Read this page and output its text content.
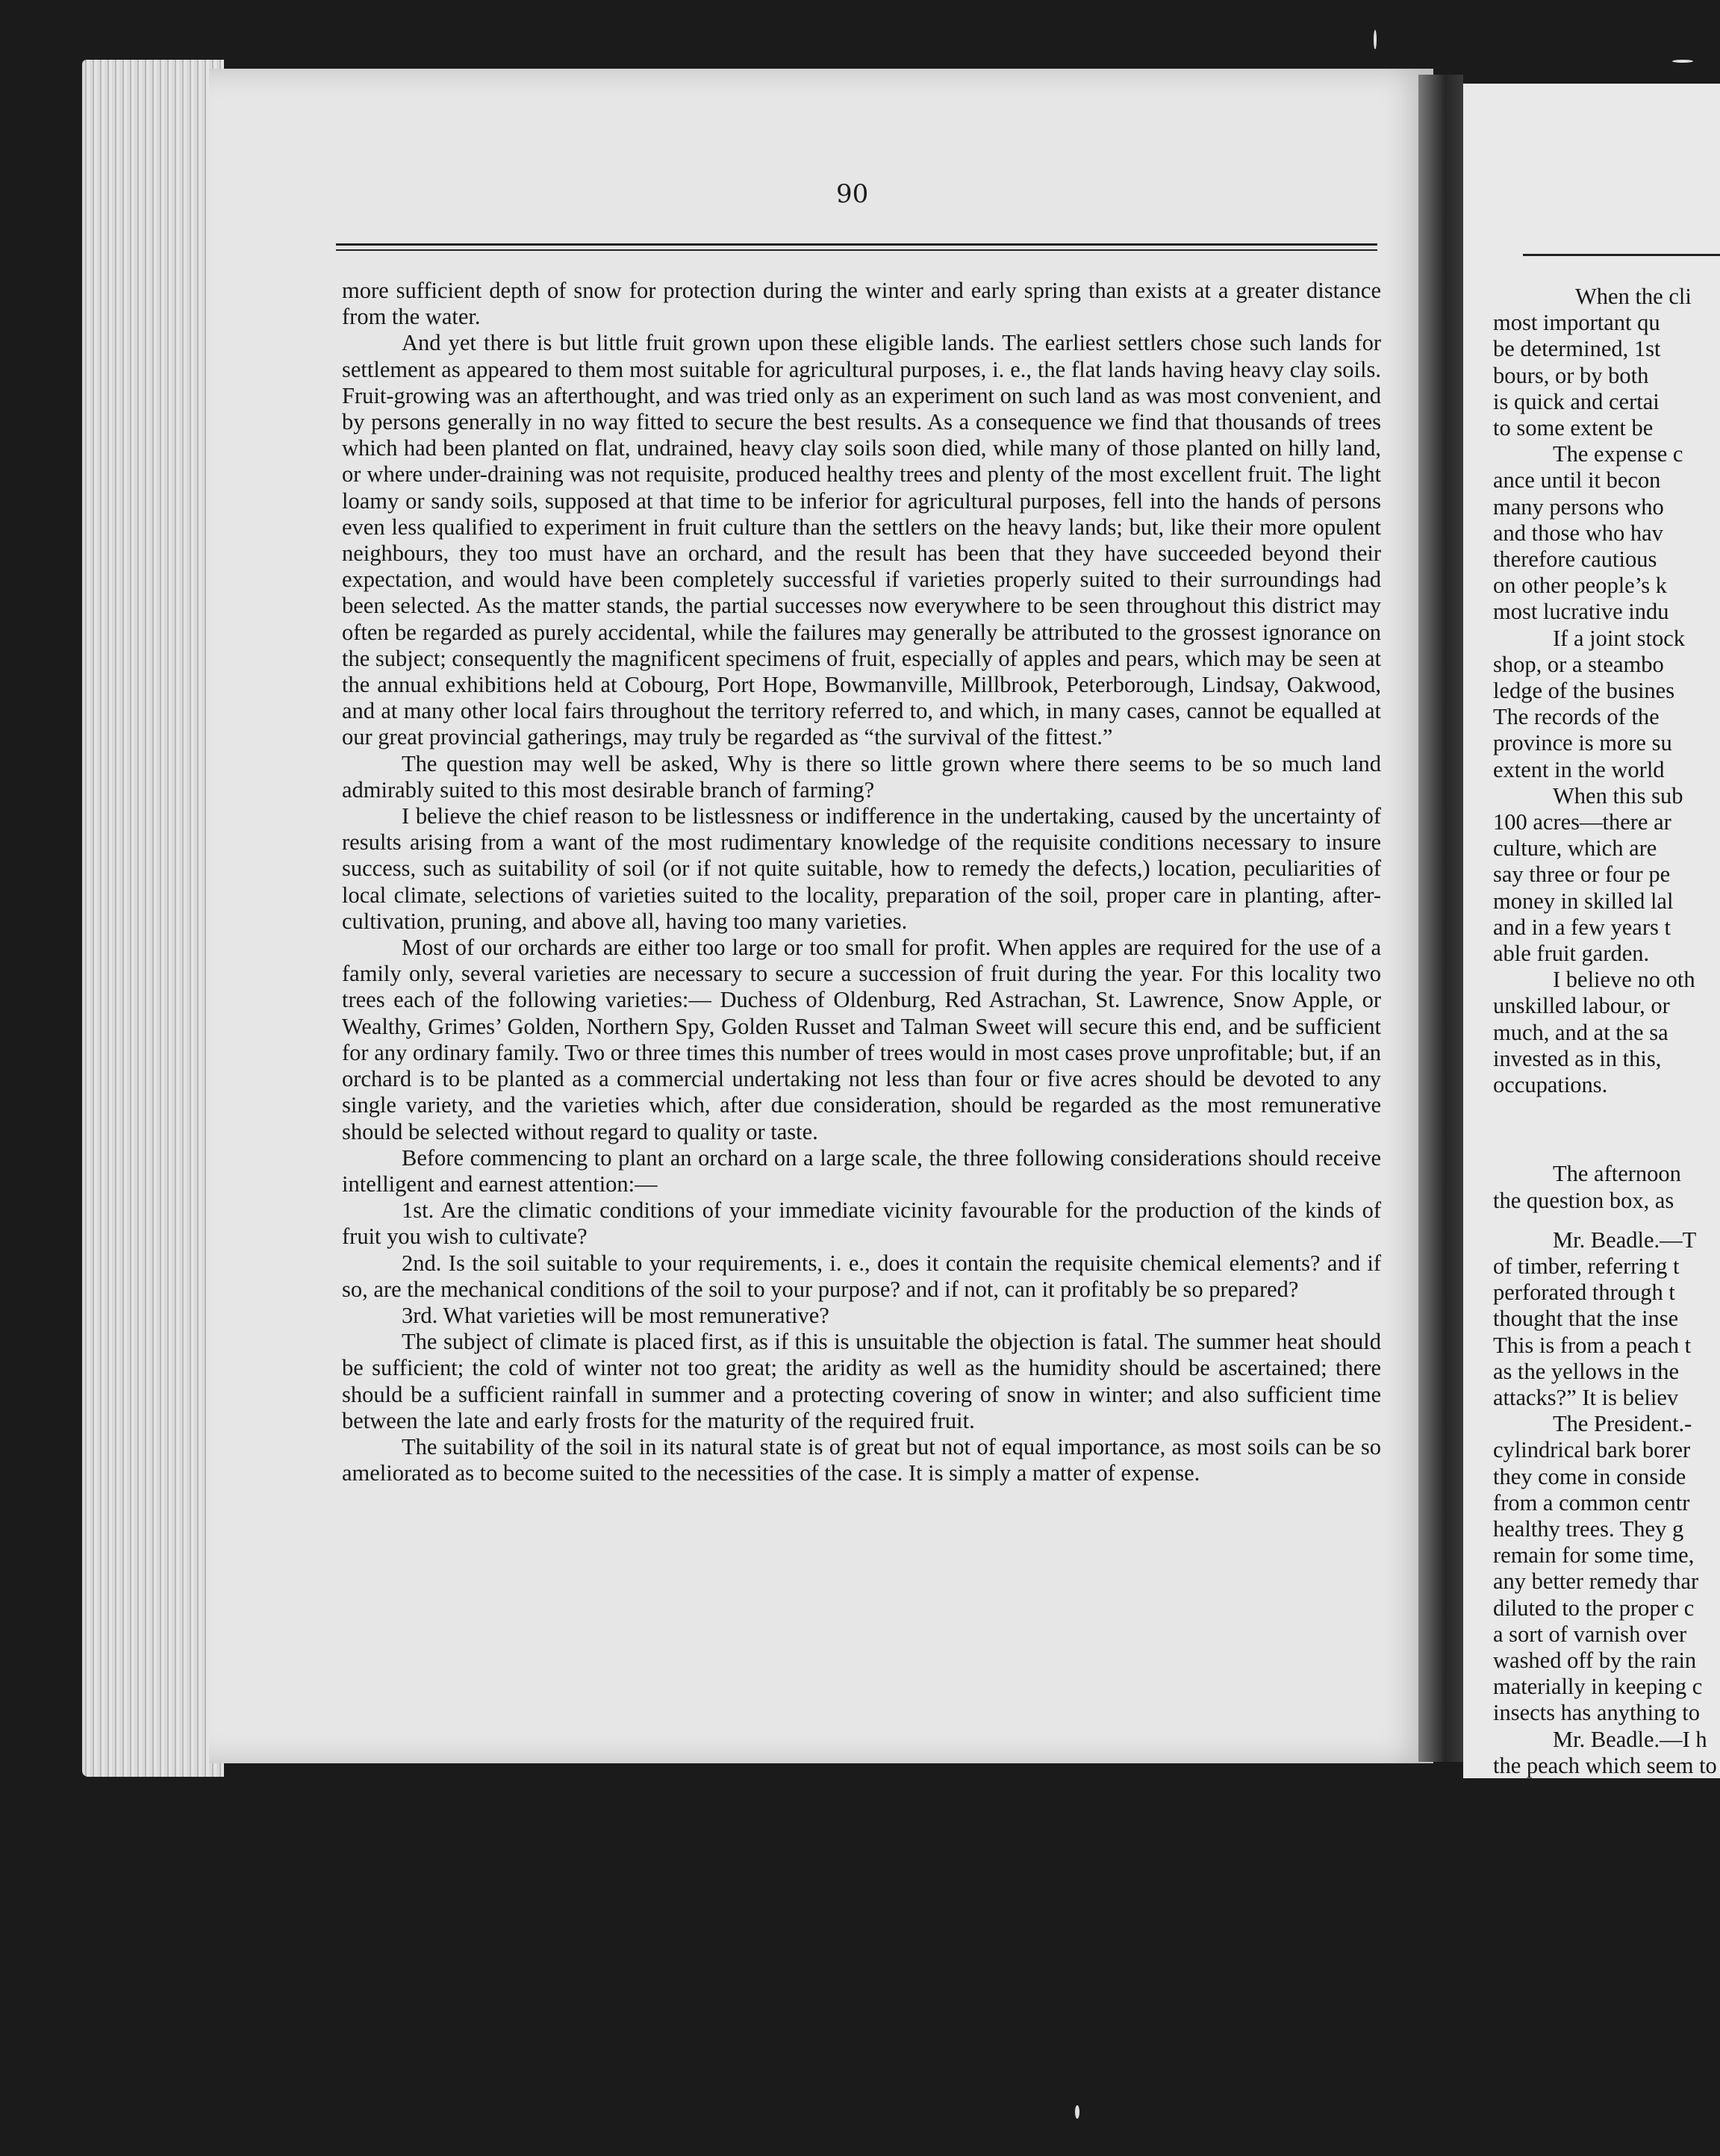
90

more sufficient depth of snow for protection during the winter and early spring than exists at a greater distance from the water.

And yet there is but little fruit grown upon these eligible lands. The earliest settlers chose such lands for settlement as appeared to them most suitable for agricultural purposes, i. e., the flat lands having heavy clay soils. Fruit-growing was an afterthought, and was tried only as an experiment on such land as was most convenient, and by persons generally in no way fitted to secure the best results. As a consequence we find that thousands of trees which had been planted on flat, undrained, heavy clay soils soon died, while many of those planted on hilly land, or where under-draining was not requisite, produced healthy trees and plenty of the most excellent fruit. The light loamy or sandy soils, supposed at that time to be inferior for agricultural purposes, fell into the hands of persons even less qualified to experiment in fruit culture than the settlers on the heavy lands; but, like their more opulent neighbours, they too must have an orchard, and the result has been that they have succeeded beyond their expectation, and would have been completely successful if varieties properly suited to their surroundings had been selected. As the matter stands, the partial successes now everywhere to be seen throughout this district may often be regarded as purely accidental, while the failures may generally be attributed to the grossest ignorance on the subject; consequently the magnificent specimens of fruit, especially of apples and pears, which may be seen at the annual exhibitions held at Cobourg, Port Hope, Bowmanville, Millbrook, Peterborough, Lindsay, Oakwood, and at many other local fairs throughout the territory referred to, and which, in many cases, cannot be equalled at our great provincial gatherings, may truly be regarded as “the survival of the fittest.”

The question may well be asked, Why is there so little grown where there seems to be so much land admirably suited to this most desirable branch of farming?

I believe the chief reason to be listlessness or indifference in the undertaking, caused by the uncertainty of results arising from a want of the most rudimentary knowledge of the requisite conditions necessary to insure success, such as suitability of soil (or if not quite suitable, how to remedy the defects,) location, peculiarities of local climate, selections of varieties suited to the locality, preparation of the soil, proper care in planting, after-cultivation, pruning, and above all, having too many varieties.

Most of our orchards are either too large or too small for profit. When apples are required for the use of a family only, several varieties are necessary to secure a succession of fruit during the year. For this locality two trees each of the following varieties:— Duchess of Oldenburg, Red Astrachan, St. Lawrence, Snow Apple, or Wealthy, Grimes’ Golden, Northern Spy, Golden Russet and Talman Sweet will secure this end, and be sufficient for any ordinary family. Two or three times this number of trees would in most cases prove unprofitable; but, if an orchard is to be planted as a commercial undertaking not less than four or five acres should be devoted to any single variety, and the varieties which, after due consideration, should be regarded as the most remunerative should be selected without regard to quality or taste.

Before commencing to plant an orchard on a large scale, the three following considerations should receive intelligent and earnest attention:—

1st. Are the climatic conditions of your immediate vicinity favourable for the production of the kinds of fruit you wish to cultivate?

2nd. Is the soil suitable to your requirements, i. e., does it contain the requisite chemical elements? and if so, are the mechanical conditions of the soil to your purpose? and if not, can it profitably be so prepared?

3rd. What varieties will be most remunerative?

The subject of climate is placed first, as if this is unsuitable the objection is fatal. The summer heat should be sufficient; the cold of winter not too great; the aridity as well as the humidity should be ascertained; there should be a sufficient rainfall in summer and a protecting covering of snow in winter; and also sufficient time between the late and early frosts for the maturity of the required fruit.

The suitability of the soil in its natural state is of great but not of equal importance, as most soils can be so ameliorated as to become suited to the necessities of the case. It is simply a matter of expense.

When the cli
most important qu
be determined, 1st
bours, or by both
is quick and certai
to some extent be
The expense c
ance until it becon
many persons who
and those who hav
therefore cautious
on other people’s k
most lucrative indu
If a joint stock
shop, or a steambo
ledge of the busines
The records of the
province is more su
extent in the world
When this sub
100 acres—there ar
culture, which are
say three or four pe
money in skilled lal
and in a few years t
able fruit garden.
I believe no oth
unskilled labour, or
much, and at the sa
invested as in this,
occupations.
The afternoon
the question box, as
Mr. Beadle.—T
of timber, referring t
perforated through t
thought that the inse
This is from a peach t
as the yellows in the
attacks?” It is believ
The President.-
cylindrical bark borer
they come in conside
from a common centr
healthy trees. They g
remain for some time,
any better remedy thar
diluted to the proper c
a sort of varnish over
washed off by the rain
materially in keeping c
insects has anything to
Mr. Beadle.—I h
the peach which seem to
